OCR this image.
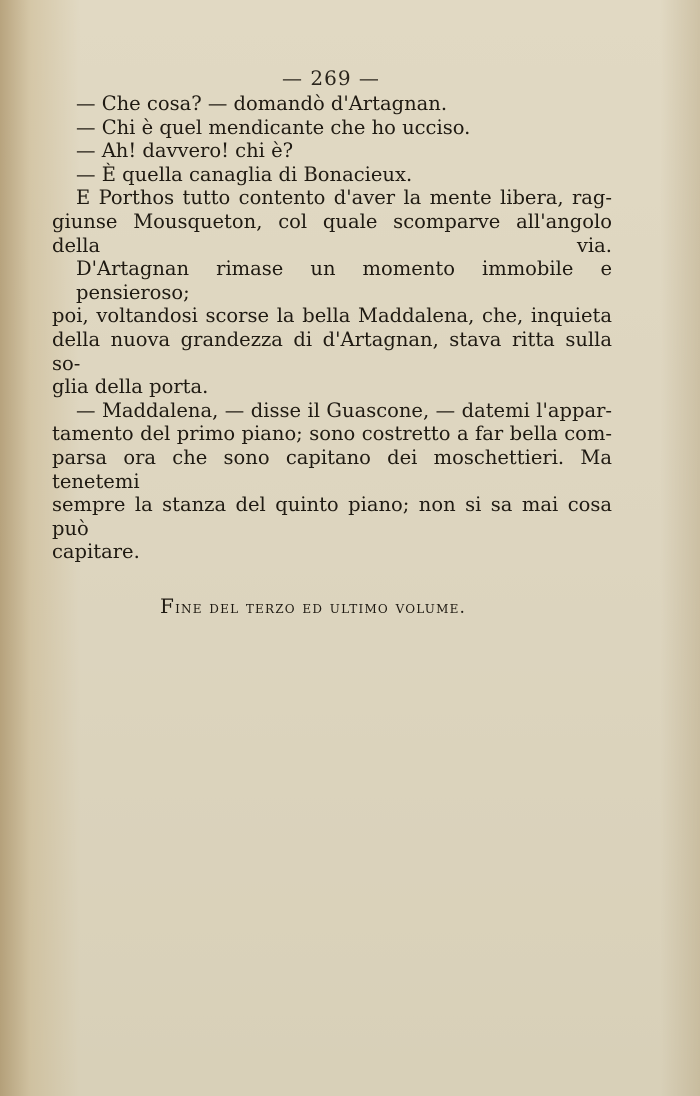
— 269 —
— Che cosa? — domandò d'Artagnan.
— Chi è quel mendicante che ho ucciso.
— Ah! davvero! chi è?
— È quella canaglia di Bonacieux.
E Porthos tutto contento d'aver la mente libera, rag-
giunse Mousqueton, col quale scomparve all'angolo della via.
D'Artagnan rimase un momento immobile e pensieroso;
poi, voltandosi scorse la bella Maddalena, che, inquieta
della nuova grandezza di d'Artagnan, stava ritta sulla so-
glia della porta.
— Maddalena, — disse il Guascone, — datemi l'appar-
tamento del primo piano; sono costretto a far bella com-
parsa ora che sono capitano dei moschettieri. Ma tenetemi
sempre la stanza del quinto piano; non si sa mai cosa può
capitare.
Fine del terzo ed ultimo volume.
